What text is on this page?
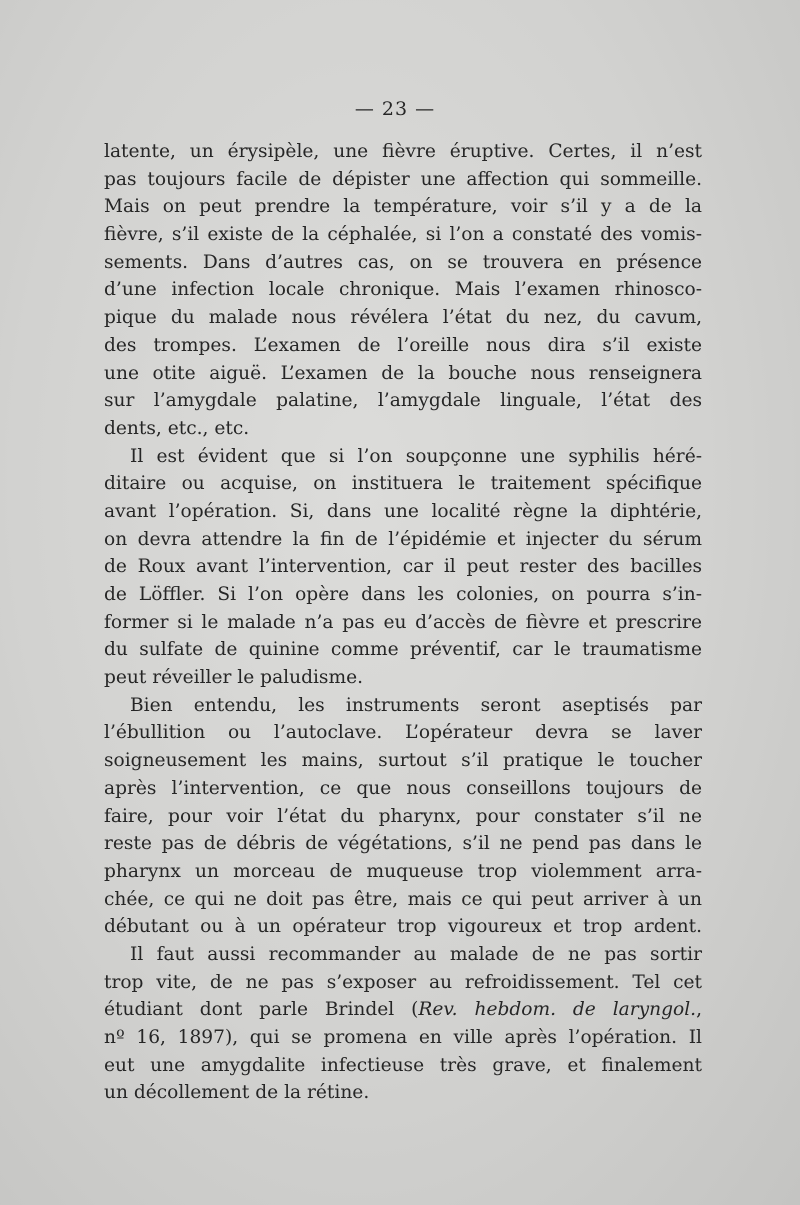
— 23 —
latente, un érysipèle, une fièvre éruptive. Certes, il n’est
pas toujours facile de dépister une affection qui sommeille.
Mais on peut prendre la température, voir s’il y a de la
fièvre, s’il existe de la céphalée, si l’on a constaté des vomis-
sements. Dans d’autres cas, on se trouvera en présence
d’une infection locale chronique. Mais l’examen rhinosco-
pique du malade nous révélera l’état du nez, du cavum,
des trompes. L’examen de l’oreille nous dira s’il existe
une otite aiguë. L’examen de la bouche nous renseignera
sur l’amygdale palatine, l’amygdale linguale, l’état des
dents, etc., etc.
Il est évident que si l’on soupçonne une syphilis héré-
ditaire ou acquise, on instituera le traitement spécifique
avant l’opération. Si, dans une localité règne la diphtérie,
on devra attendre la fin de l’épidémie et injecter du sérum
de Roux avant l’intervention, car il peut rester des bacilles
de Löffler. Si l’on opère dans les colonies, on pourra s’in-
former si le malade n’a pas eu d’accès de fièvre et prescrire
du sulfate de quinine comme préventif, car le traumatisme
peut réveiller le paludisme.
Bien entendu, les instruments seront aseptisés par
l’ébullition ou l’autoclave. L’opérateur devra se laver
soigneusement les mains, surtout s’il pratique le toucher
après l’intervention, ce que nous conseillons toujours de
faire, pour voir l’état du pharynx, pour constater s’il ne
reste pas de débris de végétations, s’il ne pend pas dans le
pharynx un morceau de muqueuse trop violemment arra-
chée, ce qui ne doit pas être, mais ce qui peut arriver à un
débutant ou à un opérateur trop vigoureux et trop ardent.
Il faut aussi recommander au malade de ne pas sortir
trop vite, de ne pas s’exposer au refroidissement. Tel cet
étudiant dont parle Brindel (Rev. hebdom. de laryngol.,
nº 16, 1897), qui se promena en ville après l’opération. Il
eut une amygdalite infectieuse très grave, et finalement
un décollement de la rétine.
